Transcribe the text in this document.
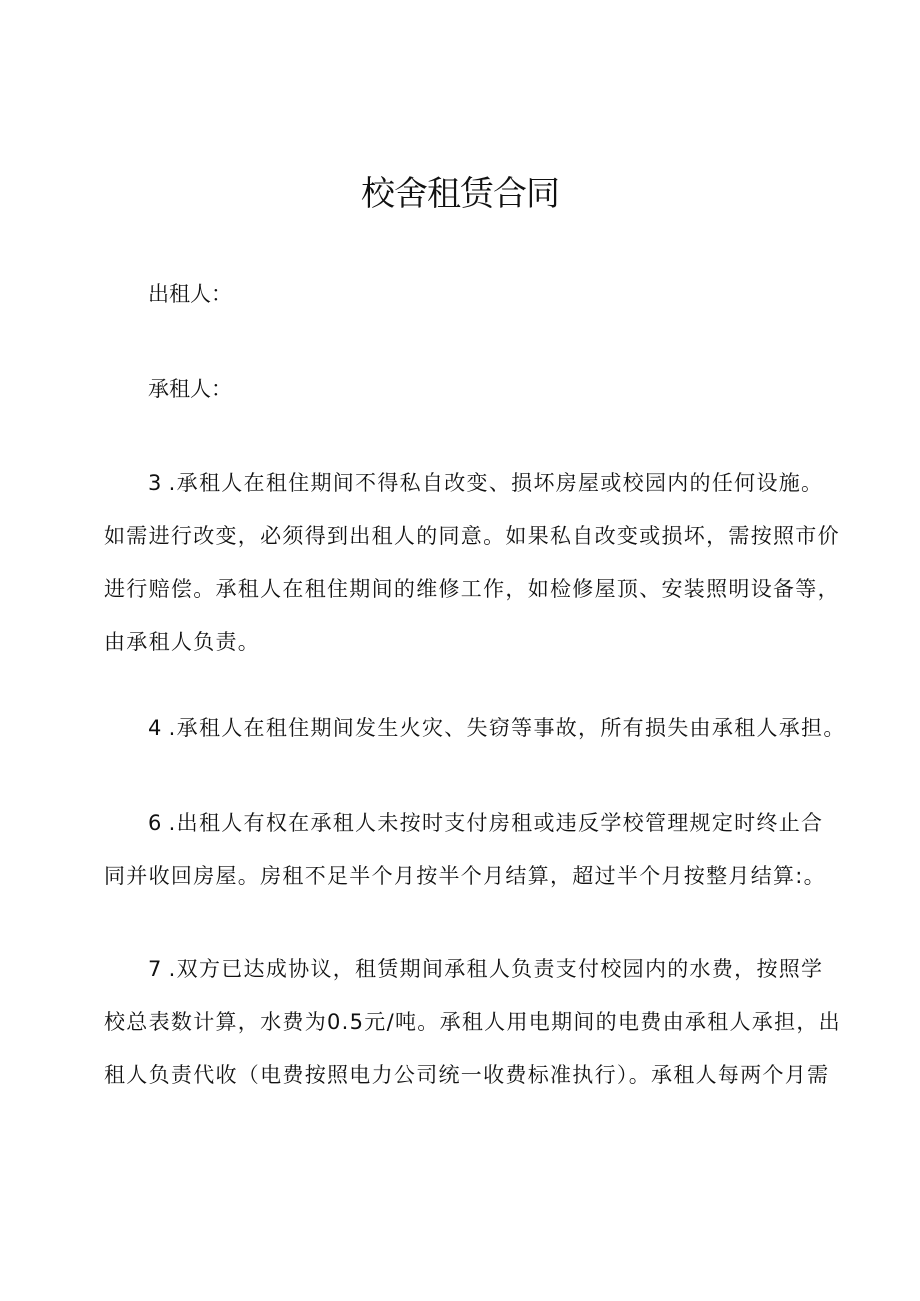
校舍租赁合同

出租人：

承租人：

3 .承租人在租住期间不得私自改变、损坏房屋或校园内的任何设施。
如需进行改变，必须得到出租人的同意。如果私自改变或损坏，需按照市价
进行赔偿。承租人在租住期间的维修工作，如检修屋顶、安装照明设备等，
由承租人负责。
4 .承租人在租住期间发生火灾、失窃等事故，所有损失由承租人承担。
6 .出租人有权在承租人未按时支付房租或违反学校管理规定时终止合
同并收回房屋。房租不足半个月按半个月结算，超过半个月按整月结算:。
7 .双方已达成协议，租赁期间承租人负责支付校园内的水费，按照学
校总表数计算，水费为0.5元/吨。承租人用电期间的电费由承租人承担，出
租人负责代收（电费按照电力公司统一收费标准执行）。承租人每两个月需
